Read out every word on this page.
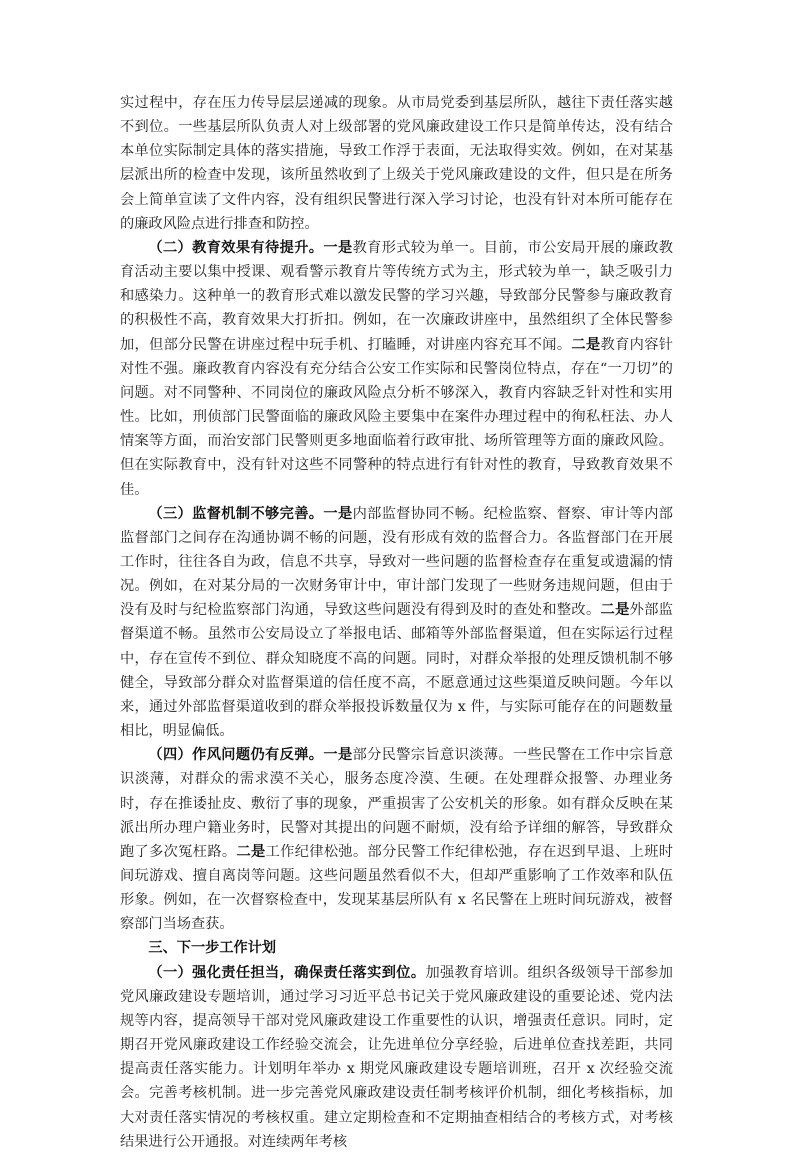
实过程中，存在压力传导层层递减的现象。从市局党委到基层所队，越往下责任落实越不到位。一些基层所队负责人对上级部署的党风廉政建设工作只是简单传达，没有结合本单位实际制定具体的落实措施，导致工作浮于表面，无法取得实效。例如，在对某基层派出所的检查中发现，该所虽然收到了上级关于党风廉政建设的文件，但只是在所务会上简单宣读了文件内容，没有组织民警进行深入学习讨论，也没有针对本所可能存在的廉政风险点进行排查和防控。

（二）教育效果有待提升。一是教育形式较为单一。目前，市公安局开展的廉政教育活动主要以集中授课、观看警示教育片等传统方式为主，形式较为单一，缺乏吸引力和感染力。这种单一的教育形式难以激发民警的学习兴趣，导致部分民警参与廉政教育的积极性不高，教育效果大打折扣。例如，在一次廉政讲座中，虽然组织了全体民警参加，但部分民警在讲座过程中玩手机、打瞌睡，对讲座内容充耳不闻。二是教育内容针对性不强。廉政教育内容没有充分结合公安工作实际和民警岗位特点，存在“一刀切”的问题。对不同警种、不同岗位的廉政风险点分析不够深入，教育内容缺乏针对性和实用性。比如，刑侦部门民警面临的廉政风险主要集中在案件办理过程中的徇私枉法、办人情案等方面，而治安部门民警则更多地面临着行政审批、场所管理等方面的廉政风险。但在实际教育中，没有针对这些不同警种的特点进行有针对性的教育，导致教育效果不佳。

（三）监督机制不够完善。一是内部监督协同不畅。纪检监察、督察、审计等内部监督部门之间存在沟通协调不畅的问题，没有形成有效的监督合力。各监督部门在开展工作时，往往各自为政，信息不共享，导致对一些问题的监督检查存在重复或遗漏的情况。例如，在对某分局的一次财务审计中，审计部门发现了一些财务违规问题，但由于没有及时与纪检监察部门沟通，导致这些问题没有得到及时的查处和整改。二是外部监督渠道不畅。虽然市公安局设立了举报电话、邮箱等外部监督渠道，但在实际运行过程中，存在宣传不到位、群众知晓度不高的问题。同时，对群众举报的处理反馈机制不够健全，导致部分群众对监督渠道的信任度不高，不愿意通过这些渠道反映问题。今年以来，通过外部监督渠道收到的群众举报投诉数量仅为 x 件，与实际可能存在的问题数量相比，明显偏低。

（四）作风问题仍有反弹。一是部分民警宗旨意识淡薄。一些民警在工作中宗旨意识淡薄，对群众的需求漠不关心，服务态度冷漠、生硬。在处理群众报警、办理业务时，存在推诿扯皮、敷衍了事的现象，严重损害了公安机关的形象。如有群众反映在某派出所办理户籍业务时，民警对其提出的问题不耐烦，没有给予详细的解答，导致群众跑了多次冤枉路。二是工作纪律松弛。部分民警工作纪律松弛，存在迟到早退、上班时间玩游戏、擅自离岗等问题。这些问题虽然看似不大，但却严重影响了工作效率和队伍形象。例如，在一次督察检查中，发现某基层所队有 x 名民警在上班时间玩游戏，被督察部门当场查获。

三、下一步工作计划

（一）强化责任担当，确保责任落实到位。加强教育培训。组织各级领导干部参加党风廉政建设专题培训，通过学习习近平总书记关于党风廉政建设的重要论述、党内法规等内容，提高领导干部对党风廉政建设工作重要性的认识，增强责任意识。同时，定期召开党风廉政建设工作经验交流会，让先进单位分享经验，后进单位查找差距，共同提高责任落实能力。计划明年举办 x 期党风廉政建设专题培训班，召开 x 次经验交流会。完善考核机制。进一步完善党风廉政建设责任制考核评价机制，细化考核指标，加大对责任落实情况的考核权重。建立定期检查和不定期抽查相结合的考核方式，对考核结果进行公开通报。对连续两年考核
